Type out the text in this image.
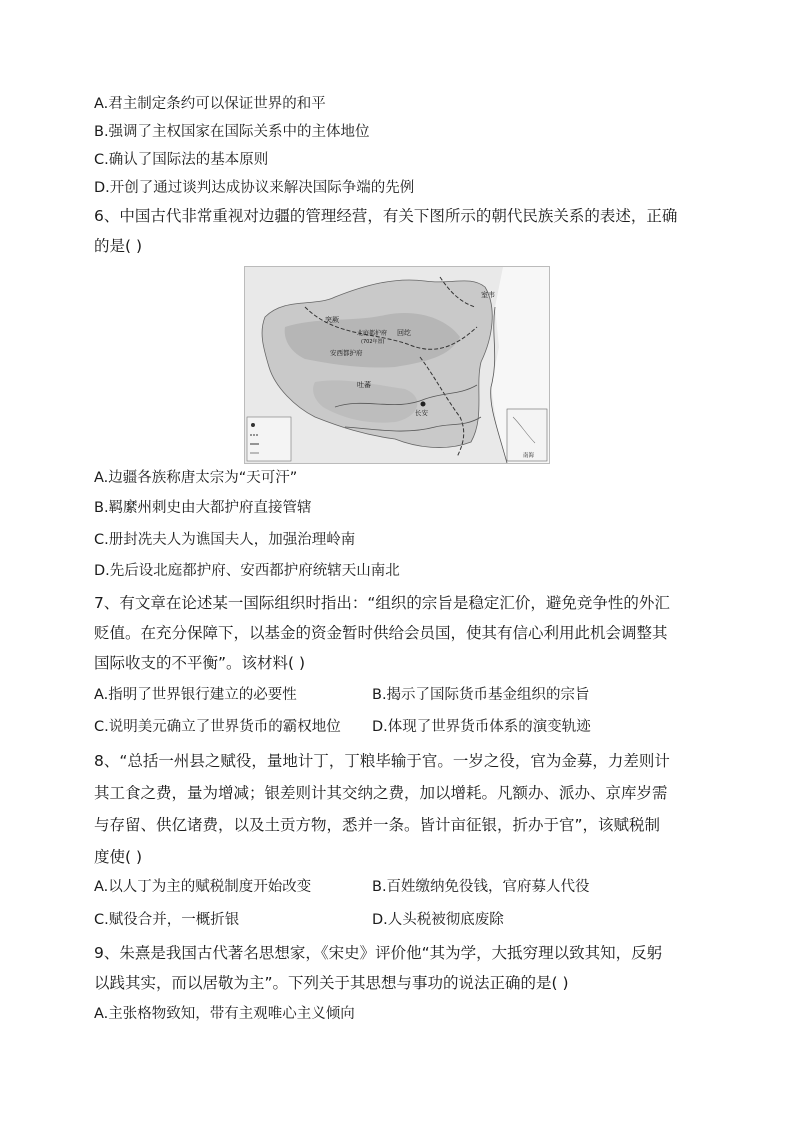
A.君主制定条约可以保证世界的和平
B.强调了主权国家在国际关系中的主体地位
C.确认了国际法的基本原则
D.开创了通过谈判达成协议来解决国际争端的先例
6、中国古代非常重视对边疆的管理经营，有关下图所示的朝代民族关系的表述，正确
的是( )
突厥
安西都护府
北庭都护府
(702年置)
回纥
室韦
长安
吐蕃
南海
A.边疆各族称唐太宗为“天可汗”
B.羁縻州刺史由大都护府直接管辖
C.册封冼夫人为谯国夫人，加强治理岭南
D.先后设北庭都护府、安西都护府统辖天山南北
7、有文章在论述某一国际组织时指出：“组织的宗旨是稳定汇价，避免竞争性的外汇
贬值。在充分保障下，以基金的资金暂时供给会员国，使其有信心利用此机会调整其
国际收支的不平衡”。该材料( )
A.指明了世界银行建立的必要性	B.揭示了国际货币基金组织的宗旨
C.说明美元确立了世界货币的霸权地位 D.体现了世界货币体系的演变轨迹
8、“总括一州县之赋役，量地计丁，丁粮毕输于官。一岁之役，官为金募，力差则计
其工食之费，量为增减；银差则计其交纳之费，加以增耗。凡额办、派办、京库岁需
与存留、供亿诸费，以及土贡方物，悉并一条。皆计亩征银，折办于官”，该赋税制
度使( )
A.以人丁为主的赋税制度开始改变	B.百姓缴纳免役钱，官府募人代役
C.赋役合并，一概折银	D.人头税被彻底废除
9、朱熹是我国古代著名思想家，《宋史》评价他“其为学，大抵穷理以致其知，反躬
以践其实，而以居敬为主”。下列关于其思想与事功的说法正确的是( )
A.主张格物致知，带有主观唯心主义倾向
